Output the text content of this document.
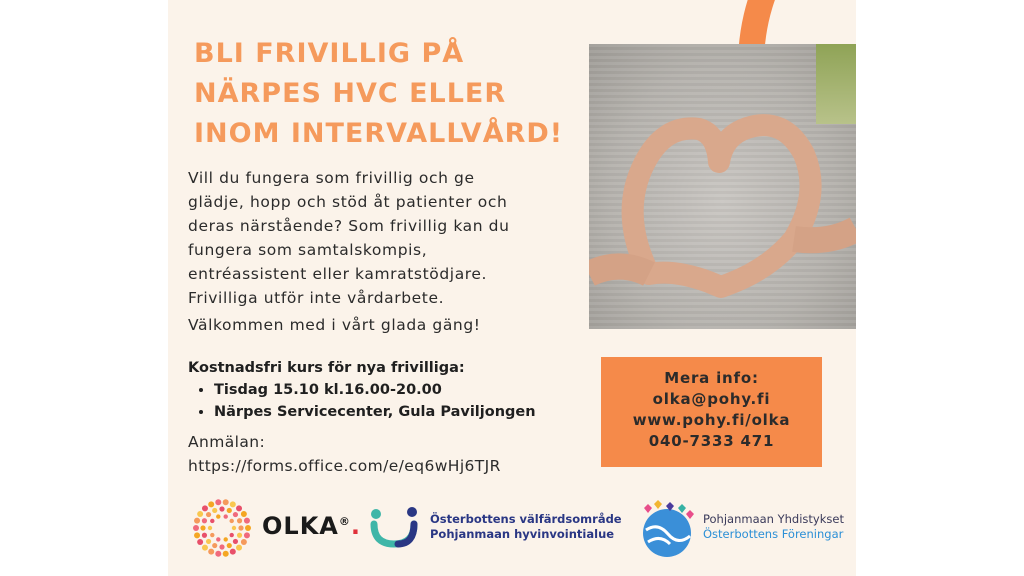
BLI FRIVILLIG PÅ
NÄRPES HVC ELLER
INOM INTERVALLVÅRD!

Vill du fungera som frivillig och ge
glädje, hopp och stöd åt patienter och
deras närstående? Som frivillig kan du
fungera som samtalskompis,
entréassistent eller kamratstödjare.
Frivilliga utför inte vårdarbete.

Välkommen med i vårt glada gäng!

Kostnadsfri kurs för nya frivilliga:
• Tisdag 15.10 kl.16.00-20.00
• Närpes Servicecenter, Gula Paviljongen
Anmälan:
https://forms.office.com/e/eq6wHj6TJR
Mera info:
olka@pohy.fi
www.pohy.fi/olka
040-7333 471
OLKA®.	Österbottens välfärdsområde
Pohjanmaan hyvinvointialue
Pohjanmaan Yhdistykset
Österbottens Föreningar
